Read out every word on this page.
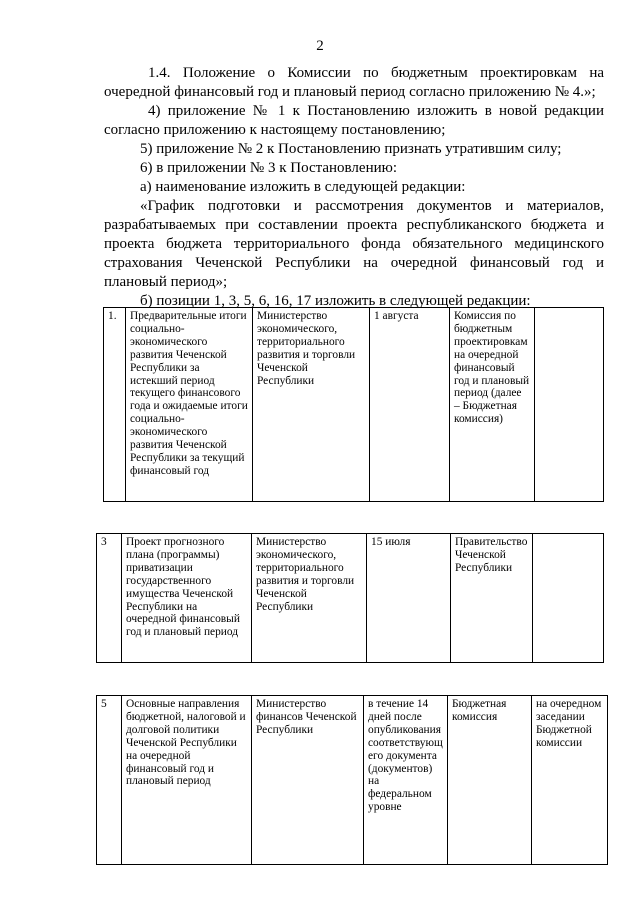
2
1.4. Положение о Комиссии по бюджетным проектировкам на
очередной финансовый год и плановый период согласно приложению № 4.»;
4) приложение № 1 к Постановлению изложить в новой редакции
согласно приложению к настоящему постановлению;
5) приложение № 2 к Постановлению признать утратившим силу;
6) в приложении № 3 к Постановлению:
а) наименование изложить в следующей редакции:
«График подготовки и рассмотрения документов и материалов,
разрабатываемых при составлении проекта республиканского бюджета и
проекта бюджета территориального фонда обязательного медицинского
страхования Чеченской Республики на очередной финансовый год и
плановый период»;
б) позиции 1, 3, 5, 6, 16, 17 изложить в следующей редакции:
1.	Предварительные итоги социально-экономического развития Чеченской Республики за истекший период текущего финансового года и ожидаемые итоги социально-экономического развития Чеченской Республики за текущий финансовый год	Министерство экономического, территориального развития и торговли Чеченской Республики	1 августа	Комиссия по бюджетным проектировкам на очередной финансовый год и плановый период (далее – Бюджетная комиссия)	
3	Проект прогнозного плана (программы) приватизации государственного имущества Чеченской Республики на очередной финансовый год и плановый период	Министерство экономического, территориального развития и торговли Чеченской Республики	15 июля	Правительство Чеченской Республики	
5	Основные направления бюджетной, налоговой и долговой политики Чеченской Республики на очередной финансовый год и плановый период	Министерство финансов Чеченской Республики	в течение 14 дней после опубликования соответствующего документа (документов) на федеральном уровне	Бюджетная комиссия	на очередном заседании Бюджетной комиссии
